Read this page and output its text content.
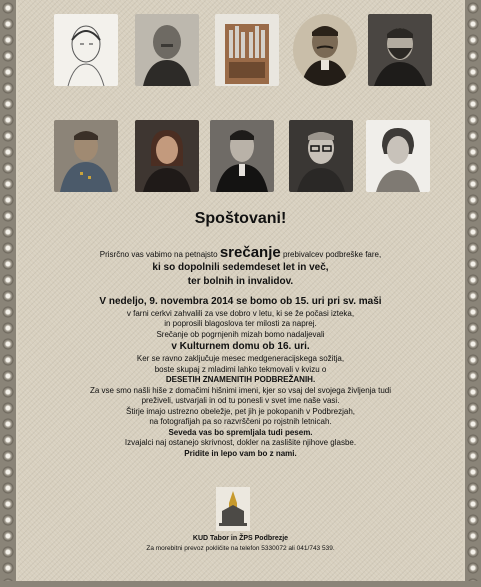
Spoštovani!
Prisrčno vas vabimo na petnajsto srečanje prebivalcev podbreške fare,
ki so dopolnili sedemdeset let in več,
ter bolnih in invalidov.
V nedeljo, 9. novembra 2014 se bomo ob 15. uri pri sv. maši
v farni cerkvi zahvalili za vse dobro v letu, ki se že počasi izteka,
in poprosili blagoslova ter milosti za naprej.
Srečanje ob pogrnjenih mizah bomo nadaljevali
v Kulturnem domu ob 16. uri.
Ker se ravno zaključuje mesec medgeneracijskega sožitja,
boste skupaj z mladimi lahko tekmovali v kvizu o
DESETIH ZNAMENITIH PODBREŽANIH.
Za vse smo našli hiše z domačimi hišnimi imeni, kjer so vsaj del svojega življenja tudi
preživeli, ustvarjali in od tu ponesli v svet ime naše vasi.
Štirje imajo ustrezno obeležje, pet jih je pokopanih v Podbrezjah,
na fotografijah pa so razvrščeni po rojstnih letnicah.
Seveda vas bo spremljala tudi pesem.
Izvajalci naj ostanejo skrivnost, dokler na zaslišite njihove glasbe.
Pridite in lepo vam bo z nami.
KUD Tabor in ŽPS Podbrezje
Za morebitni prevoz pokličite na telefon 5330072 ali 041/743 539.
